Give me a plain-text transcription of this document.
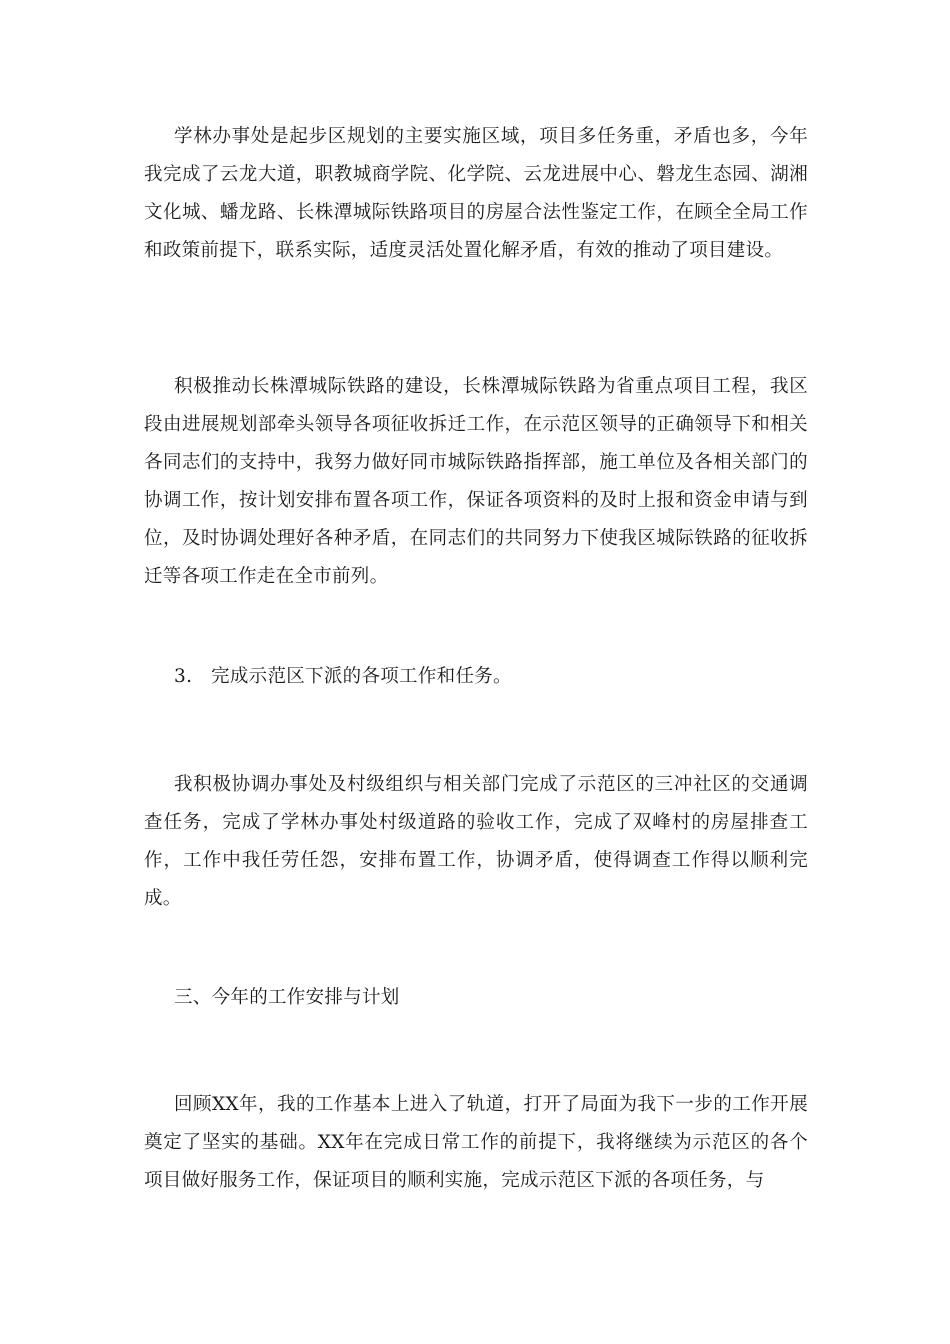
学林办事处是起步区规划的主要实施区域，项目多任务重，矛盾也多，今年我完成了云龙大道，职教城商学院、化学院、云龙进展中心、磐龙生态园、湖湘文化城、蟠龙路、长株潭城际铁路项目的房屋合法性鉴定工作，在顾全全局工作和政策前提下，联系实际，适度灵活处置化解矛盾，有效的推动了项目建设。

积极推动长株潭城际铁路的建设，长株潭城际铁路为省重点项目工程，我区段由进展规划部牵头领导各项征收拆迁工作，在示范区领导的正确领导下和相关各同志们的支持中，我努力做好同市城际铁路指挥部，施工单位及各相关部门的协调工作，按计划安排布置各项工作，保证各项资料的及时上报和资金申请与到位，及时协调处理好各种矛盾，在同志们的共同努力下使我区城际铁路的征收拆迁等各项工作走在全市前列。

3.　完成示范区下派的各项工作和任务。

我积极协调办事处及村级组织与相关部门完成了示范区的三冲社区的交通调查任务，完成了学林办事处村级道路的验收工作，完成了双峰村的房屋排查工作，工作中我任劳任怨，安排布置工作，协调矛盾，使得调查工作得以顺利完成。

三、今年的工作安排与计划

回顾XX年，我的工作基本上进入了轨道，打开了局面为我下一步的工作开展奠定了坚实的基础。XX年在完成日常工作的前提下，我将继续为示范区的各个项目做好服务工作，保证项目的顺利实施，完成示范区下派的各项任务，与
